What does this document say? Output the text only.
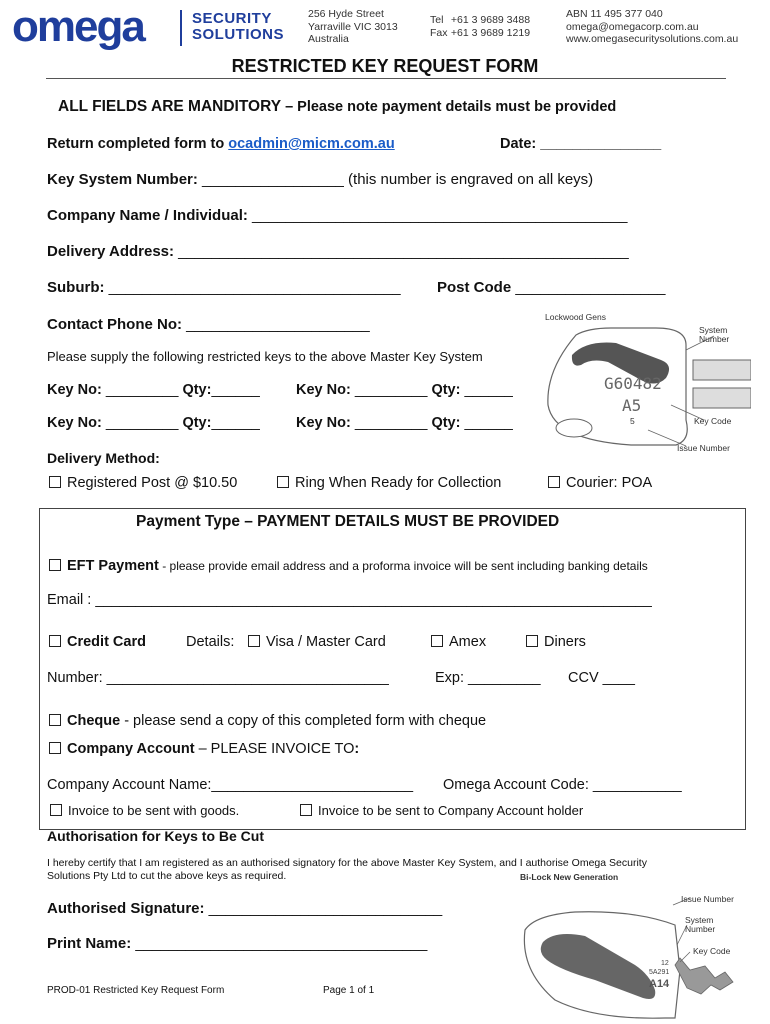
omega	SECURITY
SOLUTIONS
256 Hyde Street
Yarraville VIC 3013
Australia
Tel +61 3 9689 3488
Fax +61 3 9689 1219
ABN 11 495 377 040
omega@omegacorp.com.au
www.omegasecuritysolutions.com.au
RESTRICTED KEY REQUEST FORM
ALL FIELDS ARE MANDITORY – Please note payment details must be provided
Return completed form to ocadmin@micm.com.au	Date: _______________
Key System Number: _________________ (this number is engraved on all keys)
Company Name / Individual: _____________________________________________
Delivery Address: ______________________________________________________
Suburb: ___________________________________ Post Code __________________
Contact Phone No: ______________________
Please supply the following restricted keys to the above Master Key System
Key No: _________ Qty:______ Key No: _________ Qty: ______
Key No: _________ Qty:______ Key No: _________ Qty: ______
Lockwood Gens
G60482
A5
5
System
Number
Key Code
Issue Number
Delivery Method:
Registered Post @ $10.50	Ring When Ready for Collection	Courier: POA
Payment Type – PAYMENT DETAILS MUST BE PROVIDED
EFT Payment - please provide email address and a proforma invoice will be sent including banking details
Email : _____________________________________________________________________
Credit Card	Details:	Visa / Master Card	Amex	Diners
Number: ___________________________________	Exp: _________ CCV ____
Cheque - please send a copy of this completed form with cheque
Company Account – PLEASE INVOICE TO:
Company Account Name:_________________________ Omega Account Code: ___________
Invoice to be sent with goods.	Invoice to be sent to Company Account holder
Authorisation for Keys to Be Cut
I hereby certify that I am registered as an authorised signatory for the above Master Key System, and I authorise Omega Security
Solutions Pty Ltd to cut the above keys as required.
Authorised Signature: ____________________________
Print Name: ___________________________________
Bi-Lock New Generation
Issue Number
System
Number
Key Code
12
5A291
A14
PROD-01 Restricted Key Request Form	Page 1 of 1
